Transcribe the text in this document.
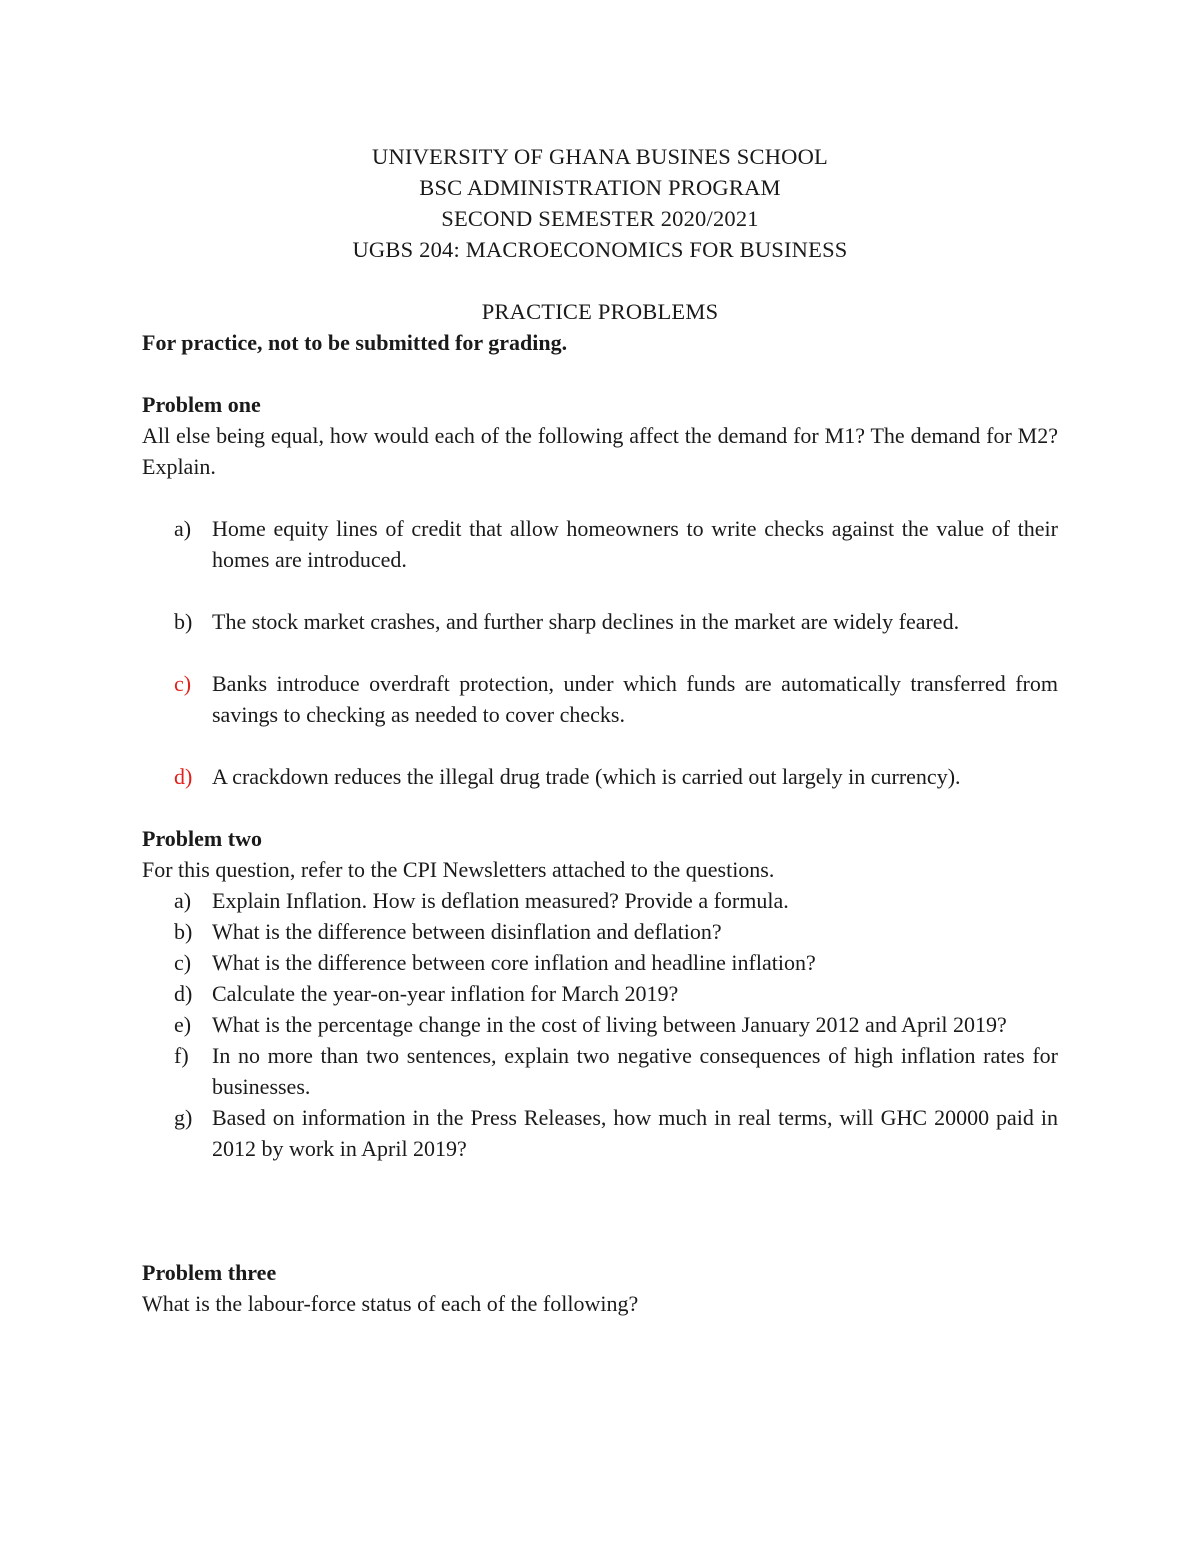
UNIVERSITY OF GHANA BUSINES SCHOOL

BSC ADMINISTRATION PROGRAM

SECOND SEMESTER 2020/2021

UGBS 204: MACROECONOMICS FOR BUSINESS

PRACTICE PROBLEMS

For practice, not to be submitted for grading.

Problem one

All else being equal, how would each of the following affect the demand for M1? The demand for M2? Explain.

a) Home equity lines of credit that allow homeowners to write checks against the value of their homes are introduced.
b) The stock market crashes, and further sharp declines in the market are widely feared.
c) Banks introduce overdraft protection, under which funds are automatically transferred from savings to checking as needed to cover checks.
d) A crackdown reduces the illegal drug trade (which is carried out largely in currency).

Problem two

For this question, refer to the CPI Newsletters attached to the questions.

a) Explain Inflation. How is deflation measured? Provide a formula.
b) What is the difference between disinflation and deflation?
c) What is the difference between core inflation and headline inflation?
d) Calculate the year-on-year inflation for March 2019?
e) What is the percentage change in the cost of living between January 2012 and April 2019?
f) In no more than two sentences, explain two negative consequences of high inflation rates for businesses.
g) Based on information in the Press Releases, how much in real terms, will GHC 20000 paid in 2012 by work in April 2019?

Problem three

What is the labour-force status of each of the following?
